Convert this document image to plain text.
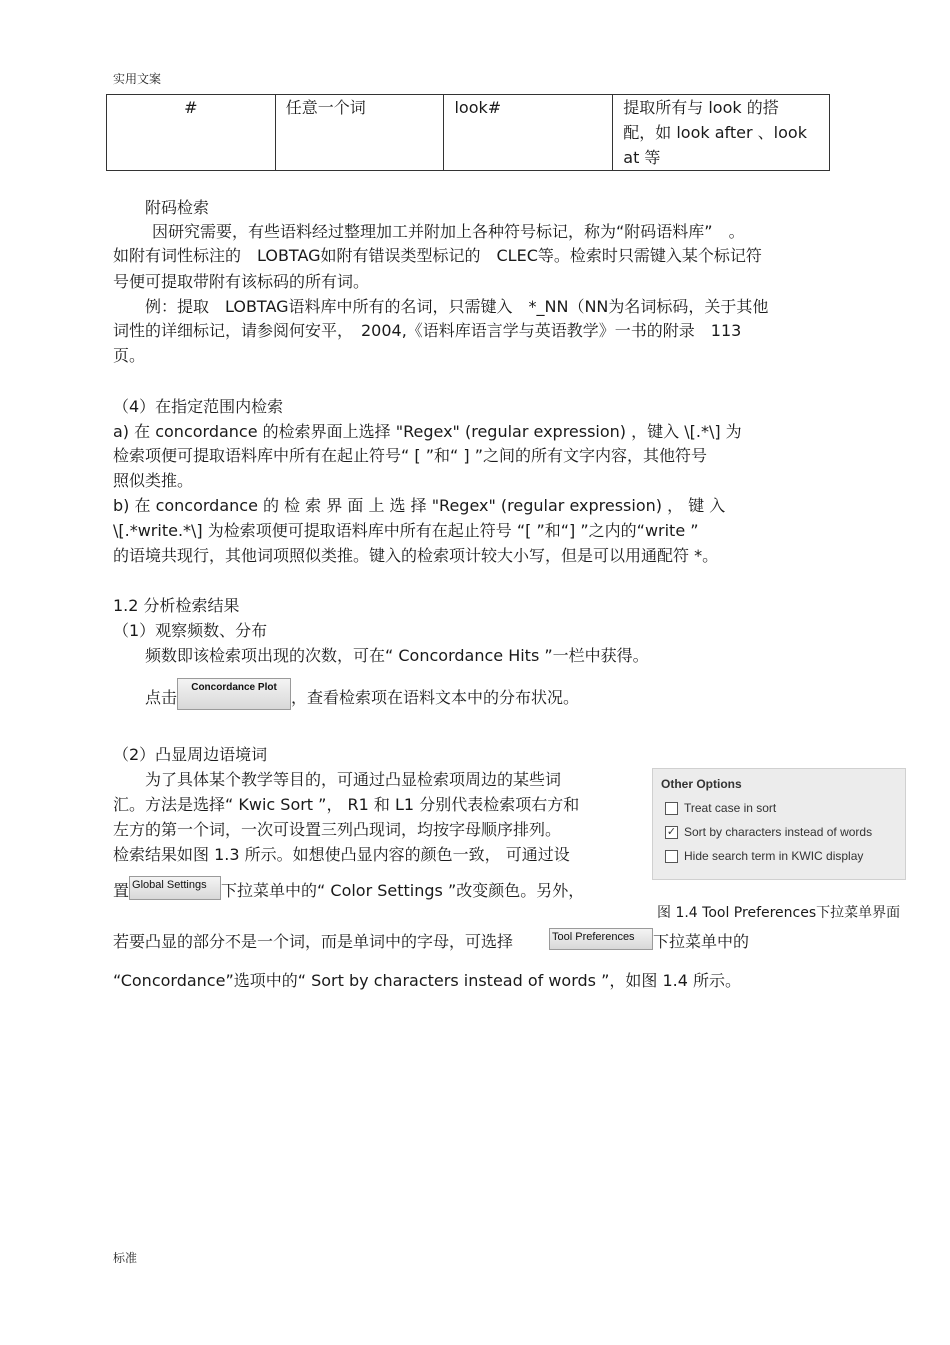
实用文案
#	任意一个词	look#	提取所有与 look 的搭
配，如 look after 、look
at 等
附码检索
因研究需要，有些语料经过整理加工并附加上各种符号标记，称为“附码语料库”　。
如附有词性标注的　LOBTAG如附有错误类型标记的　CLEC等。检索时只需键入某个标记符
号便可提取带附有该标码的所有词。
例：提取　LOBTAG语料库中所有的名词，只需键入　*_NN（NN为名词标码，关于其他
词性的详细标记，请参阅何安平，　2004,《语料库语言学与英语教学》一书的附录　113
页。
（4）在指定范围内检索
a) 在 concordance 的检索界面上选择 "Regex" (regular expression) ，键入 \[.*\] 为
检索项便可提取语料库中所有在起止符号“ [ ”和“ ] ”之间的所有文字内容，其他符号
照似类推。
b) 在 concordance 的 检 索 界 面 上 选 择 "Regex" (regular expression) ， 键 入
\[.*write.*\] 为检索项便可提取语料库中所有在起止符号 “[ ”和“] ”之内的“write ”
的语境共现行，其他词项照似类推。键入的检索项计较大小写，但是可以用通配符 *。
1.2 分析检索结果
（1）观察频数、分布
频数即该检索项出现的次数，可在“ Concordance Hits ”一栏中获得。
点击Concordance Plot，查看检索项在语料文本中的分布状况。
（2）凸显周边语境词
为了具体某个教学等目的，可通过凸显检索项周边的某些词
汇。方法是选择“ Kwic Sort ”， R1 和 L1 分别代表检索项右方和
左方的第一个词，一次可设置三列凸现词，均按字母顺序排列。
检索结果如图 1.3 所示。如想使凸显内容的颜色一致， 可通过设
置 Global Settings 下拉菜单中的“ Color Settings ”改变颜色。另外，
若要凸显的部分不是一个词，而是单词中的字母，可选择	Tool Preferences 下拉菜单中的
“Concordance”选项中的“ Sort by characters instead of words ”，如图 1.4 所示。
Other Options
Treat case in sort
✓ Sort by characters instead of words
Hide search term in KWIC display
图 1.4 Tool Preferences下拉菜单界面
标准
